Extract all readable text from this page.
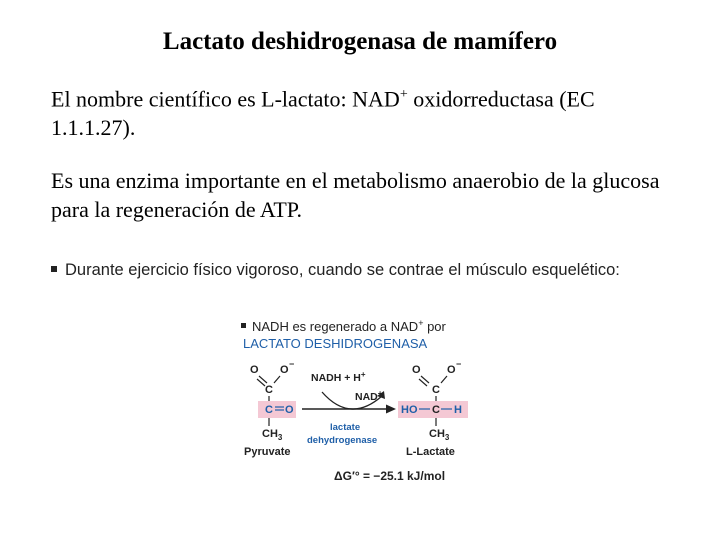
Lactato deshidrogenasa de mamífero
El nombre científico es L-lactato: NAD+ oxidorreductasa (EC 1.1.1.27).
Es una enzima importante en el metabolismo anaerobio de la glucosa para la regeneración de ATP.
Durante ejercicio físico vigoroso, cuando se contrae el músculo esquelético:
NADH es regenerado a NAD+ por
LACTATO DESHIDROGENASA
O O −
C
C O
$CH_3$
Pyruvate
NADH + H+
NAD+
lactate
dehydrogenase
O O −
C
HO C H
$CH_3$
L-Lactate
ΔG′° = −25.1 kJ/mol
